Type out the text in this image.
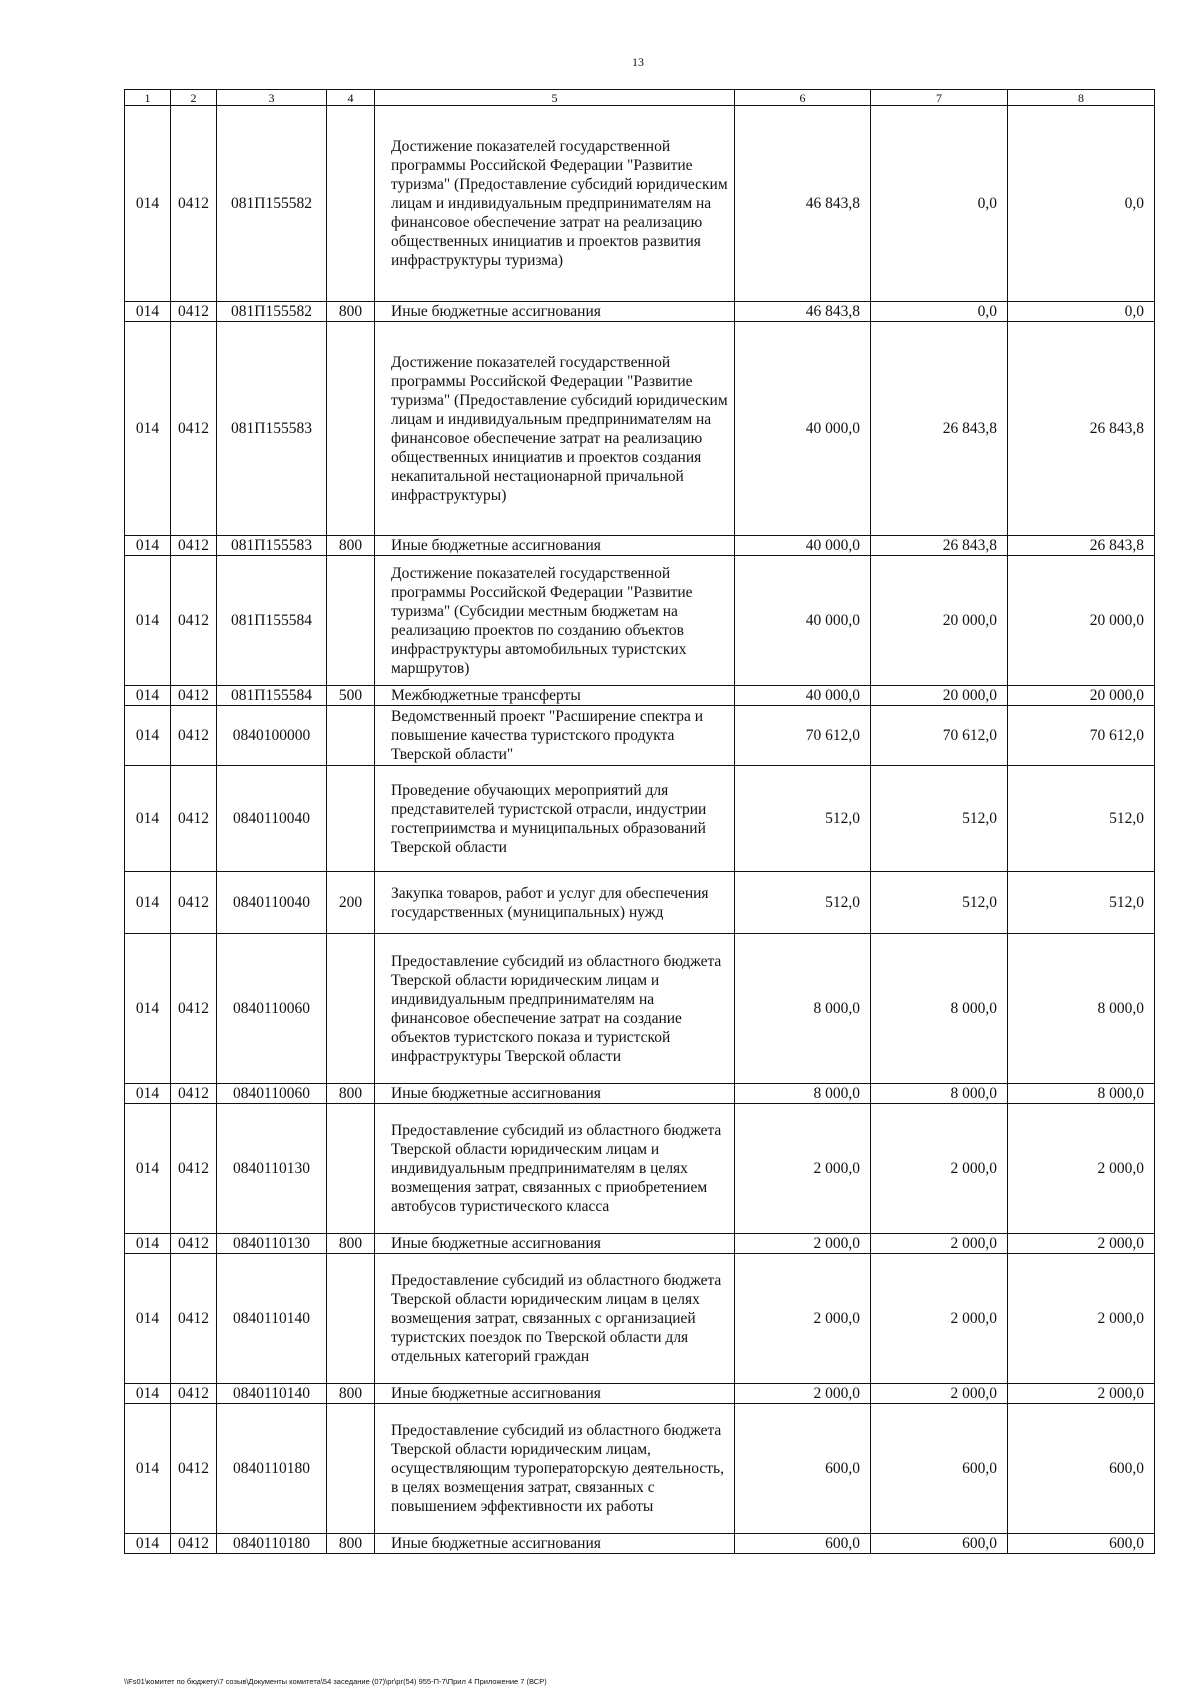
13
1	2	3	4	5	6	7	8
014	0412	081П155582		Достижение показателей государственной программы Российской Федерации "Развитие туризма" (Предоставление субсидий юридическим лицам и индивидуальным предпринимателям на финансовое обеспечение затрат на реализацию общественных инициатив и проектов развития инфраструктуры туризма)	46 843,8	0,0	0,0
014	0412	081П155582	800	Иные бюджетные ассигнования	46 843,8	0,0	0,0
014	0412	081П155583		Достижение показателей государственной программы Российской Федерации "Развитие туризма" (Предоставление субсидий юридическим лицам и индивидуальным предпринимателям на финансовое обеспечение затрат на реализацию общественных инициатив и проектов создания некапитальной нестационарной причальной инфраструктуры)	40 000,0	26 843,8	26 843,8
014	0412	081П155583	800	Иные бюджетные ассигнования	40 000,0	26 843,8	26 843,8
014	0412	081П155584		Достижение показателей государственной программы Российской Федерации "Развитие туризма" (Субсидии местным бюджетам на реализацию проектов по созданию объектов инфраструктуры автомобильных туристских маршрутов)	40 000,0	20 000,0	20 000,0
014	0412	081П155584	500	Межбюджетные трансферты	40 000,0	20 000,0	20 000,0
014	0412	0840100000		Ведомственный проект "Расширение спектра и повышение качества туристского продукта Тверской области"	70 612,0	70 612,0	70 612,0
014	0412	0840110040		Проведение обучающих мероприятий для представителей туристской отрасли, индустрии гостеприимства и муниципальных образований Тверской области	512,0	512,0	512,0
014	0412	0840110040	200	Закупка товаров, работ и услуг для обеспечения государственных (муниципальных) нужд	512,0	512,0	512,0
014	0412	0840110060		Предоставление субсидий из областного бюджета Тверской области юридическим лицам и индивидуальным предпринимателям на финансовое обеспечение затрат на создание объектов туристского показа и туристской инфраструктуры Тверской области	8 000,0	8 000,0	8 000,0
014	0412	0840110060	800	Иные бюджетные ассигнования	8 000,0	8 000,0	8 000,0
014	0412	0840110130		Предоставление субсидий из областного бюджета Тверской области юридическим лицам и индивидуальным предпринимателям в целях возмещения затрат, связанных с приобретением автобусов туристического класса	2 000,0	2 000,0	2 000,0
014	0412	0840110130	800	Иные бюджетные ассигнования	2 000,0	2 000,0	2 000,0
014	0412	0840110140		Предоставление субсидий из областного бюджета Тверской области юридическим лицам в целях возмещения затрат, связанных с организацией туристских поездок по Тверской области для отдельных категорий граждан	2 000,0	2 000,0	2 000,0
014	0412	0840110140	800	Иные бюджетные ассигнования	2 000,0	2 000,0	2 000,0
014	0412	0840110180		Предоставление субсидий из областного бюджета Тверской области юридическим лицам, осуществляющим туроператорскую деятельность, в целях возмещения затрат, связанных с повышением эффективности их работы	600,0	600,0	600,0
014	0412	0840110180	800	Иные бюджетные ассигнования	600,0	600,0	600,0
\\Fs01\комитет по бюджету\7 созыв\Документы комитета\54 заседание (07)\рг\рг(54) 955-П-7\Прил 4 Приложение 7 (ВСР)
